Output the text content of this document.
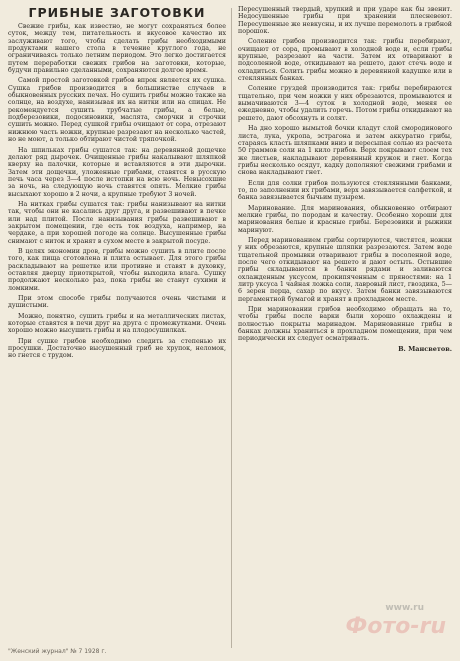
ГРИБНЫЕ ЗАГОТОВКИ

Свежие грибы, как известно, не могут сохраняться более суток, между тем, питательность и вкусовое качество их заслуживают того, чтобы сделать грибы необходимыми продуктами нашего стола в течение круглого года, не ограничиваясь только летним периодом. Это легко достигается путем переработки свежих грибов на заготовки, которые, будучи правильно сделанными, сохраняются долгое время.

Самой простой заготовкой грибов впрок является их сушка. Сушка грибов производится в большинстве случаев в обыкновенных русских печах. Но сушить грибы можно также на солнце, на воздухе, нанизывая их на нитки или на спицах. Не рекомендуется сушить трубчатые грибы, а белые, подберезовики, подосиновики, маслята, сморчки и строчки сушить можно. Перед сушкой грибы очищают от сора, отрезают нижнюю часть ножки, крупные разрезают на несколько частей, но не моют, а только обтирают чистой тряпочкой.

На шпильках грибы сушатся так: на деревянной дощечке делают ряд дырочек. Очищенные грибы накалывают шляпкой кверху на палочки, которые и вставляются в эти дырочки. Затем эти дощечки, уложенные грибами, ставятся в русскую печь часа через 3—4 после истопки на всю ночь. Невысохшие за ночь, на следующую ночь ставятся опять. Мелкие грибы высыхают хорошо в 2 ночи, а крупные требуют 3 ночей.

На нитках грибы сушатся так: грибы нанизывают на нитки так, чтобы они не касались друг друга, и развешивают в печке или над плитой. После нанизывания грибы развешивают в закрытом помещении, где есть ток воздуха, например, на чердаке, а при хорошей погоде на солнце. Высушенные грибы снимают с ниток и хранят в сухом месте в закрытой посуде.

В целях экономии дров, грибы можно сушить в плите после того, как пища сготовлена и плита остывает. Для этого грибы раскладывают на решетке или противне и ставят в духовку, оставляя дверцу приоткрытой, чтобы выходила влага. Сушку продолжают несколько раз, пока грибы не станут сухими и ломкими.

При этом способе грибы получаются очень чистыми и душистыми.

Можно, понятно, сушить грибы и на металлических листах, которые ставятся в печи друг на друга с промежутками. Очень хорошо можно высушить грибы и на плодосушилках.

При сушке грибов необходимо следить за степенью их просушки. Достаточно высушенный гриб не хрупок, неломок, но гнется с трудом.

Пересушенный твердый, хрупкий и при ударе как бы звенит. Недосушенные грибы при хранении плесневеют. Пересушенные же невкусны, и их лучше перемолоть в грибной порошок.

Соление грибов производится так: грибы перебирают, очищают от сора, промывают в холодной воде и, если грибы крупные, разрезают на части. Затем их отваривают в подсоленной воде, откидывают на решето, дают стечь воде и охладиться. Солить грибы можно в деревянной кадушке или в стеклянных банках.

Соление груздей производится так: грибы перебираются тщательно, при чем ножки у них обрезаются, промываются и вымачиваются 3—4 суток в холодной воде, меняя ее ежедневно, чтобы удалить горечь. Потом грибы откидывают на решето, дают обсохнуть и солят.

На дно хорошо вымытой бочки кладут слой смородинового листа, лука, укропа, эстрагона и затем аккуратно грибы, стараясь класть шляпками вниз и пересыпая солью из расчета 50 граммов соли на 1 кило грибов. Верх покрывают слоем тех же листьев, накладывают деревянный кружок и гнет. Когда грибы несколько осядут, кадку дополняют свежими грибами и снова накладывают гнет.

Если для солки грибов пользуются стеклянными банками, то, по заполнении их грибами, верх завязывается салфеткой, и банка завязывается бычьим пузырем.

Маринование. Для маринования, обыкновенно отбирают мелкие грибы, по породам и качеству. Особенно хороши для маринования белые и красные грибы. Березовики и рыжики маринуют.

Перед маринованием грибы сортируются, чистятся, ножки у них обрезаются, крупные шляпки разрезаются. Затем воде тщательной промывки отваривают грибы в посоленной воде, после чего откидывают на решето и дают остыть. Остывшие грибы складываются в банки рядами и заливаются охлажденным уксусом, прокипяченным с пряностями: на 1 литр уксуса 1 чайная ложка соли, лавровый лист, гвоздика, 5—6 зерен перца, сахар по вкусу. Затем банки завязываются пергаментной бумагой и хранят в прохладном месте.

При мариновании грибов необходимо обращать на то, чтобы грибы после варки были хорошо охлаждены и полностью покрыты маринадом. Маринованные грибы в банках должны храниться в прохладном помещении, при чем периодически их следует осматривать.

В. Мансветов.
"Женский журнал" № 7 1928 г.
www.ru
Фото-ru
